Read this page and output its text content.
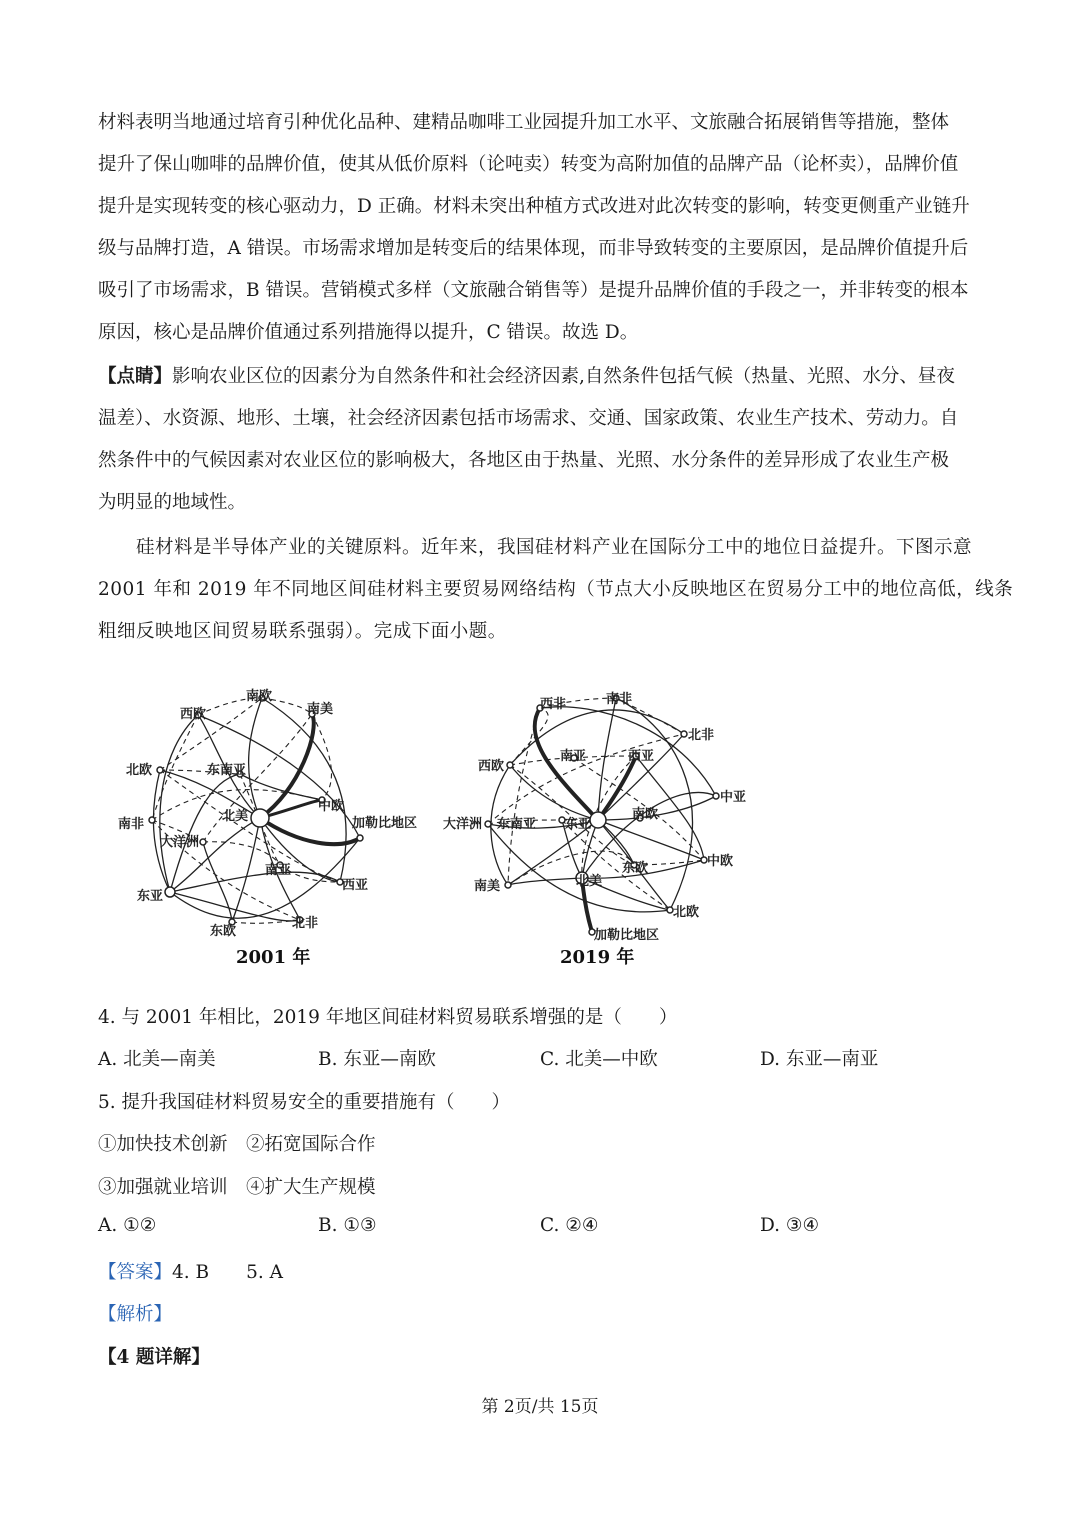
材料表明当地通过培育引种优化品种、建精品咖啡工业园提升加工水平、文旅融合拓展销售等措施，整体
提升了保山咖啡的品牌价值，使其从低价原料（论吨卖）转变为高附加值的品牌产品（论杯卖），品牌价值
提升是实现转变的核心驱动力，D 正确。材料未突出种植方式改进对此次转变的影响，转变更侧重产业链升
级与品牌打造，A 错误。市场需求增加是转变后的结果体现，而非导致转变的主要原因，是品牌价值提升后
吸引了市场需求，B 错误。营销模式多样（文旅融合销售等）是提升品牌价值的手段之一，并非转变的根本
原因，核心是品牌价值通过系列措施得以提升，C 错误。故选 D。
【点睛】影响农业区位的因素分为自然条件和社会经济因素,自然条件包括气候（热量、光照、水分、昼夜
温差）、水资源、地形、土壤，社会经济因素包括市场需求、交通、国家政策、农业生产技术、劳动力。自
然条件中的气候因素对农业区位的影响极大，各地区由于热量、光照、水分条件的差异形成了农业生产极
为明显的地域性。
硅材料是半导体产业的关键原料。近年来，我国硅材料产业在国际分工中的地位日益提升。下图示意
2001 年和 2019 年不同地区间硅材料主要贸易网络结构（节点大小反映地区在贸易分工中的地位高低，线条
粗细反映地区间贸易联系强弱）。完成下面小题。
南欧
西欧	南美
东南亚
北欧
中欧
北美	加勒比地区
南非
大洋洲
南亚
西亚
东亚
北非
东欧
2001 年
西非	南非
北非
西亚
南亚
西欧
中亚
大洋洲 东南亚 东亚
南欧
东欧	中欧
南美	北美
北欧
加勒比地区
2019 年
4. 与 2001 年相比，2019 年地区间硅材料贸易联系增强的是（　　）
A. 北美—南美	B. 东亚—南欧	C. 北美—中欧	D. 东亚—南亚
5. 提升我国硅材料贸易安全的重要措施有（　　）
①加快技术创新　②拓宽国际合作
③加强就业培训　④扩大生产规模
A. ①②	B. ①③	C. ②④	D. ③④
【答案】4. B　　5. A
【解析】
【4 题详解】
第 2页/共 15页
